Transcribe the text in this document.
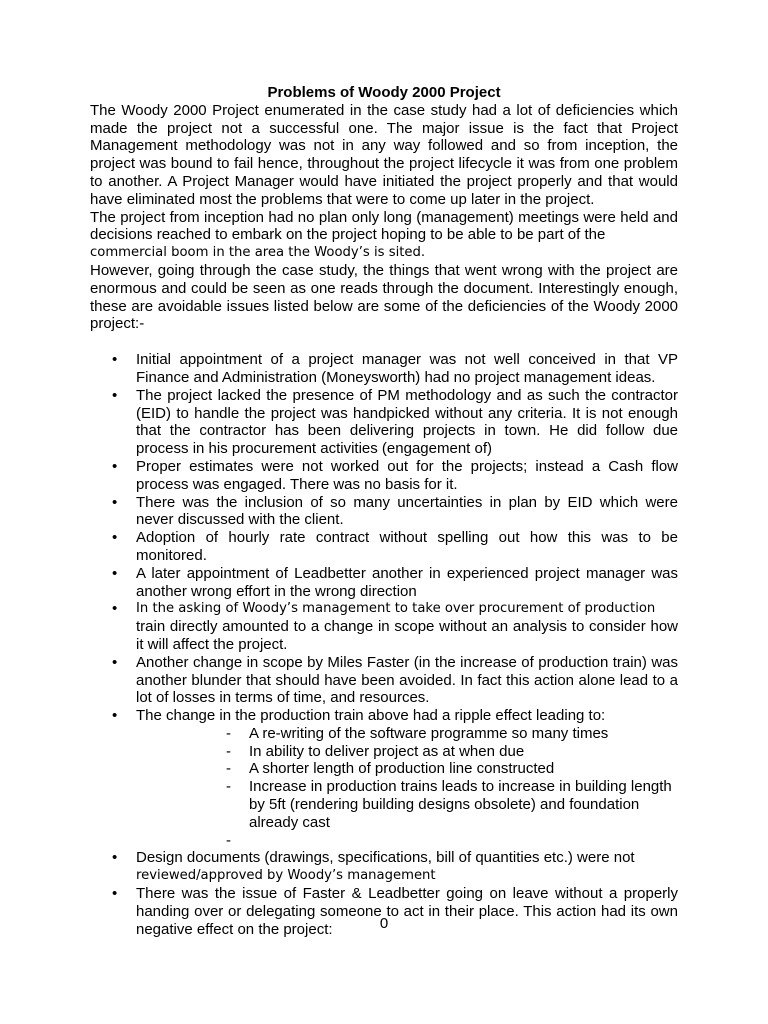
Problems of Woody 2000 Project

The Woody 2000 Project enumerated in the case study had a lot of deficiencies which made the project not a successful one. The major issue is the fact that Project Management methodology was not in any way followed and so from inception, the project was bound to fail hence, throughout the project lifecycle it was from one problem to another. A Project Manager would have initiated the project properly and that would have eliminated most the problems that were to come up later in the project.

The project from inception had no plan only long (management) meetings were held and decisions reached to embark on the project hoping to be able to be part of the

commercial boom in the area the Woody’s is sited.

However, going through the case study, the things that went wrong with the project are enormous and could be seen as one reads through the document. Interestingly enough, these are avoidable issues listed below are some of the deficiencies of the Woody 2000 project:-

• Initial appointment of a project manager was not well conceived in that VP Finance and Administration (Moneysworth) had no project management ideas.
• The project lacked the presence of PM methodology and as such the contractor (EID) to handle the project was handpicked without any criteria. It is not enough that the contractor has been delivering projects in town. He did follow due process in his procurement activities (engagement of)
• Proper estimates were not worked out for the projects; instead a Cash flow process was engaged. There was no basis for it.
• There was the inclusion of so many uncertainties in plan by EID which were never discussed with the client.
• Adoption of hourly rate contract without spelling out how this was to be monitored.
• A later appointment of Leadbetter another in experienced project manager was another wrong effort in the wrong direction
• In the asking of Woody’s management to take over procurement of production
train directly amounted to a change in scope without an analysis to consider how it will affect the project.
• Another change in scope by Miles Faster (in the increase of production train) was another blunder that should have been avoided. In fact this action alone lead to a lot of losses in terms of time, and resources.
• The change in the production train above had a ripple effect leading to:
- A re-writing of the software programme so many times
- In ability to deliver project as at when due
- A shorter length of production line constructed
- Increase in production trains leads to increase in building length by 5ft (rendering building designs obsolete) and foundation already cast
-
• Design documents (drawings, specifications, bill of quantities etc.) were not
reviewed/approved by Woody’s management
• There was the issue of Faster & Leadbetter going on leave without a properly handing over or delegating someone to act in their place. This action had its own negative effect on the project:	0
